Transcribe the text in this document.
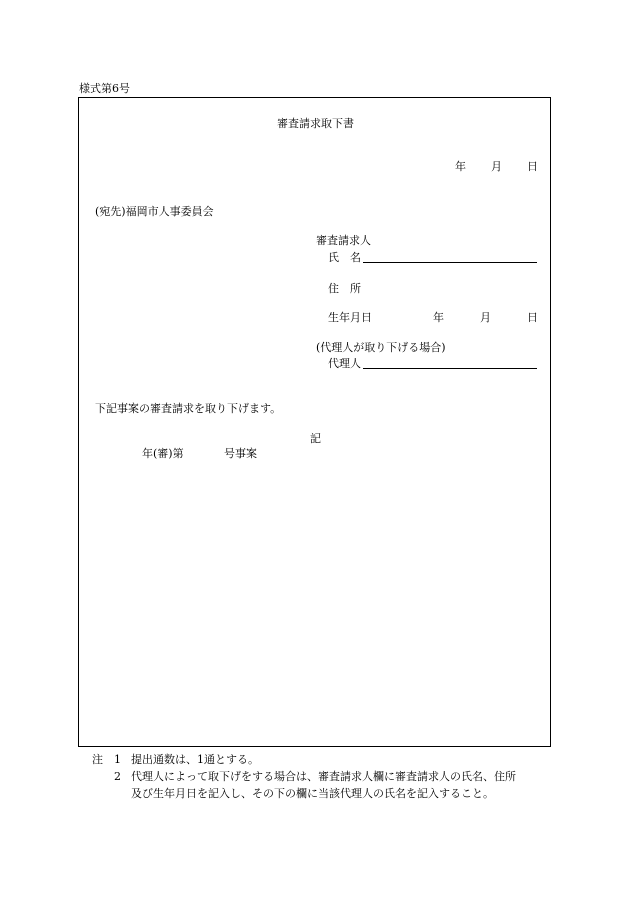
様式第6号
審査請求取下書
年 月 日
(宛先)福岡市人事委員会
審査請求人
氏　名
住　所
生年月日	年	月	日
(代理人が取り下げる場合)
代理人
下記事案の審査請求を取り下げます。
記
年(審)第	号事案
注 1 提出通数は、1通とする。
2 代理人によって取下げをする場合は、審査請求人欄に審査請求人の氏名、住所
及び生年月日を記入し、その下の欄に当該代理人の氏名を記入すること。
